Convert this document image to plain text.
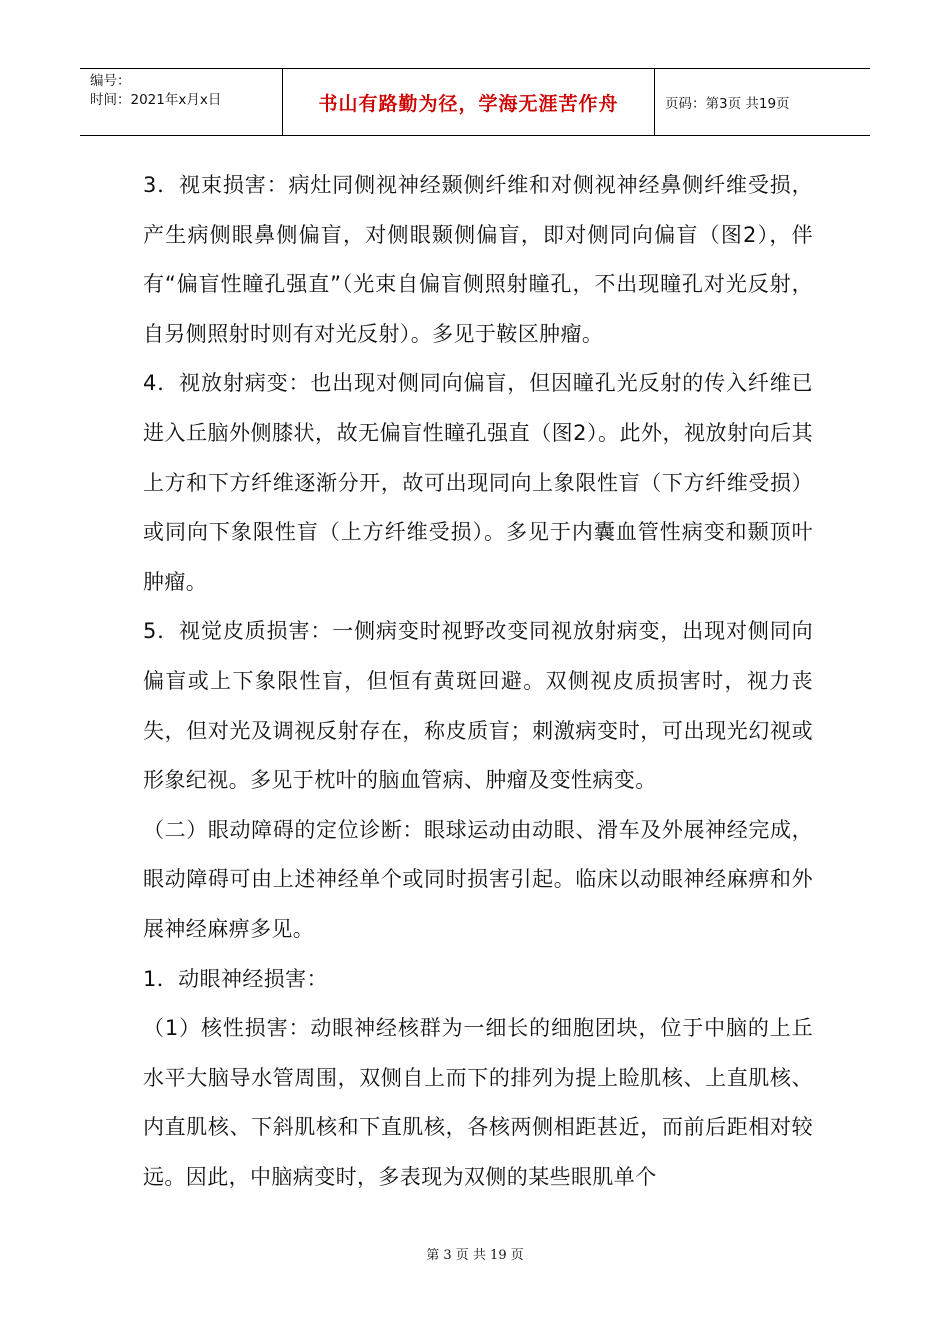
编号：
时间：2021年x月x日	书山有路勤为径，学海无涯苦作舟	页码： 第3页 共19页

3．视束损害：病灶同侧视神经颞侧纤维和对侧视神经鼻侧纤维受损，产生病侧眼鼻侧偏盲，对侧眼颞侧偏盲，即对侧同向偏盲（图2），伴有“偏盲性瞳孔强直”（光束自偏盲侧照射瞳孔，不出现瞳孔对光反射，自另侧照射时则有对光反射）。多见于鞍区肿瘤。

4．视放射病变：也出现对侧同向偏盲，但因瞳孔光反射的传入纤维已进入丘脑外侧膝状，故无偏盲性瞳孔强直（图2）。此外，视放射向后其上方和下方纤维逐渐分开，故可出现同向上象限性盲（下方纤维受损）或同向下象限性盲（上方纤维受损）。多见于内囊血管性病变和颞顶叶肿瘤。

5．视觉皮质损害：一侧病变时视野改变同视放射病变，出现对侧同向偏盲或上下象限性盲，但恒有黄斑回避。双侧视皮质损害时，视力丧失，但对光及调视反射存在，称皮质盲；刺激病变时，可出现光幻视或形象纪视。多见于枕叶的脑血管病、肿瘤及变性病变。

（二）眼动障碍的定位诊断：眼球运动由动眼、滑车及外展神经完成，眼动障碍可由上述神经单个或同时损害引起。临床以动眼神经麻痹和外展神经麻痹多见。

1．动眼神经损害：

（1）核性损害：动眼神经核群为一细长的细胞团块，位于中脑的上丘水平大脑导水管周围，双侧自上而下的排列为提上睑肌核、上直肌核、内直肌核、下斜肌核和下直肌核，各核两侧相距甚近，而前后距相对较远。因此，中脑病变时，多表现为双侧的某些眼肌单个

第 3 页 共 19 页
